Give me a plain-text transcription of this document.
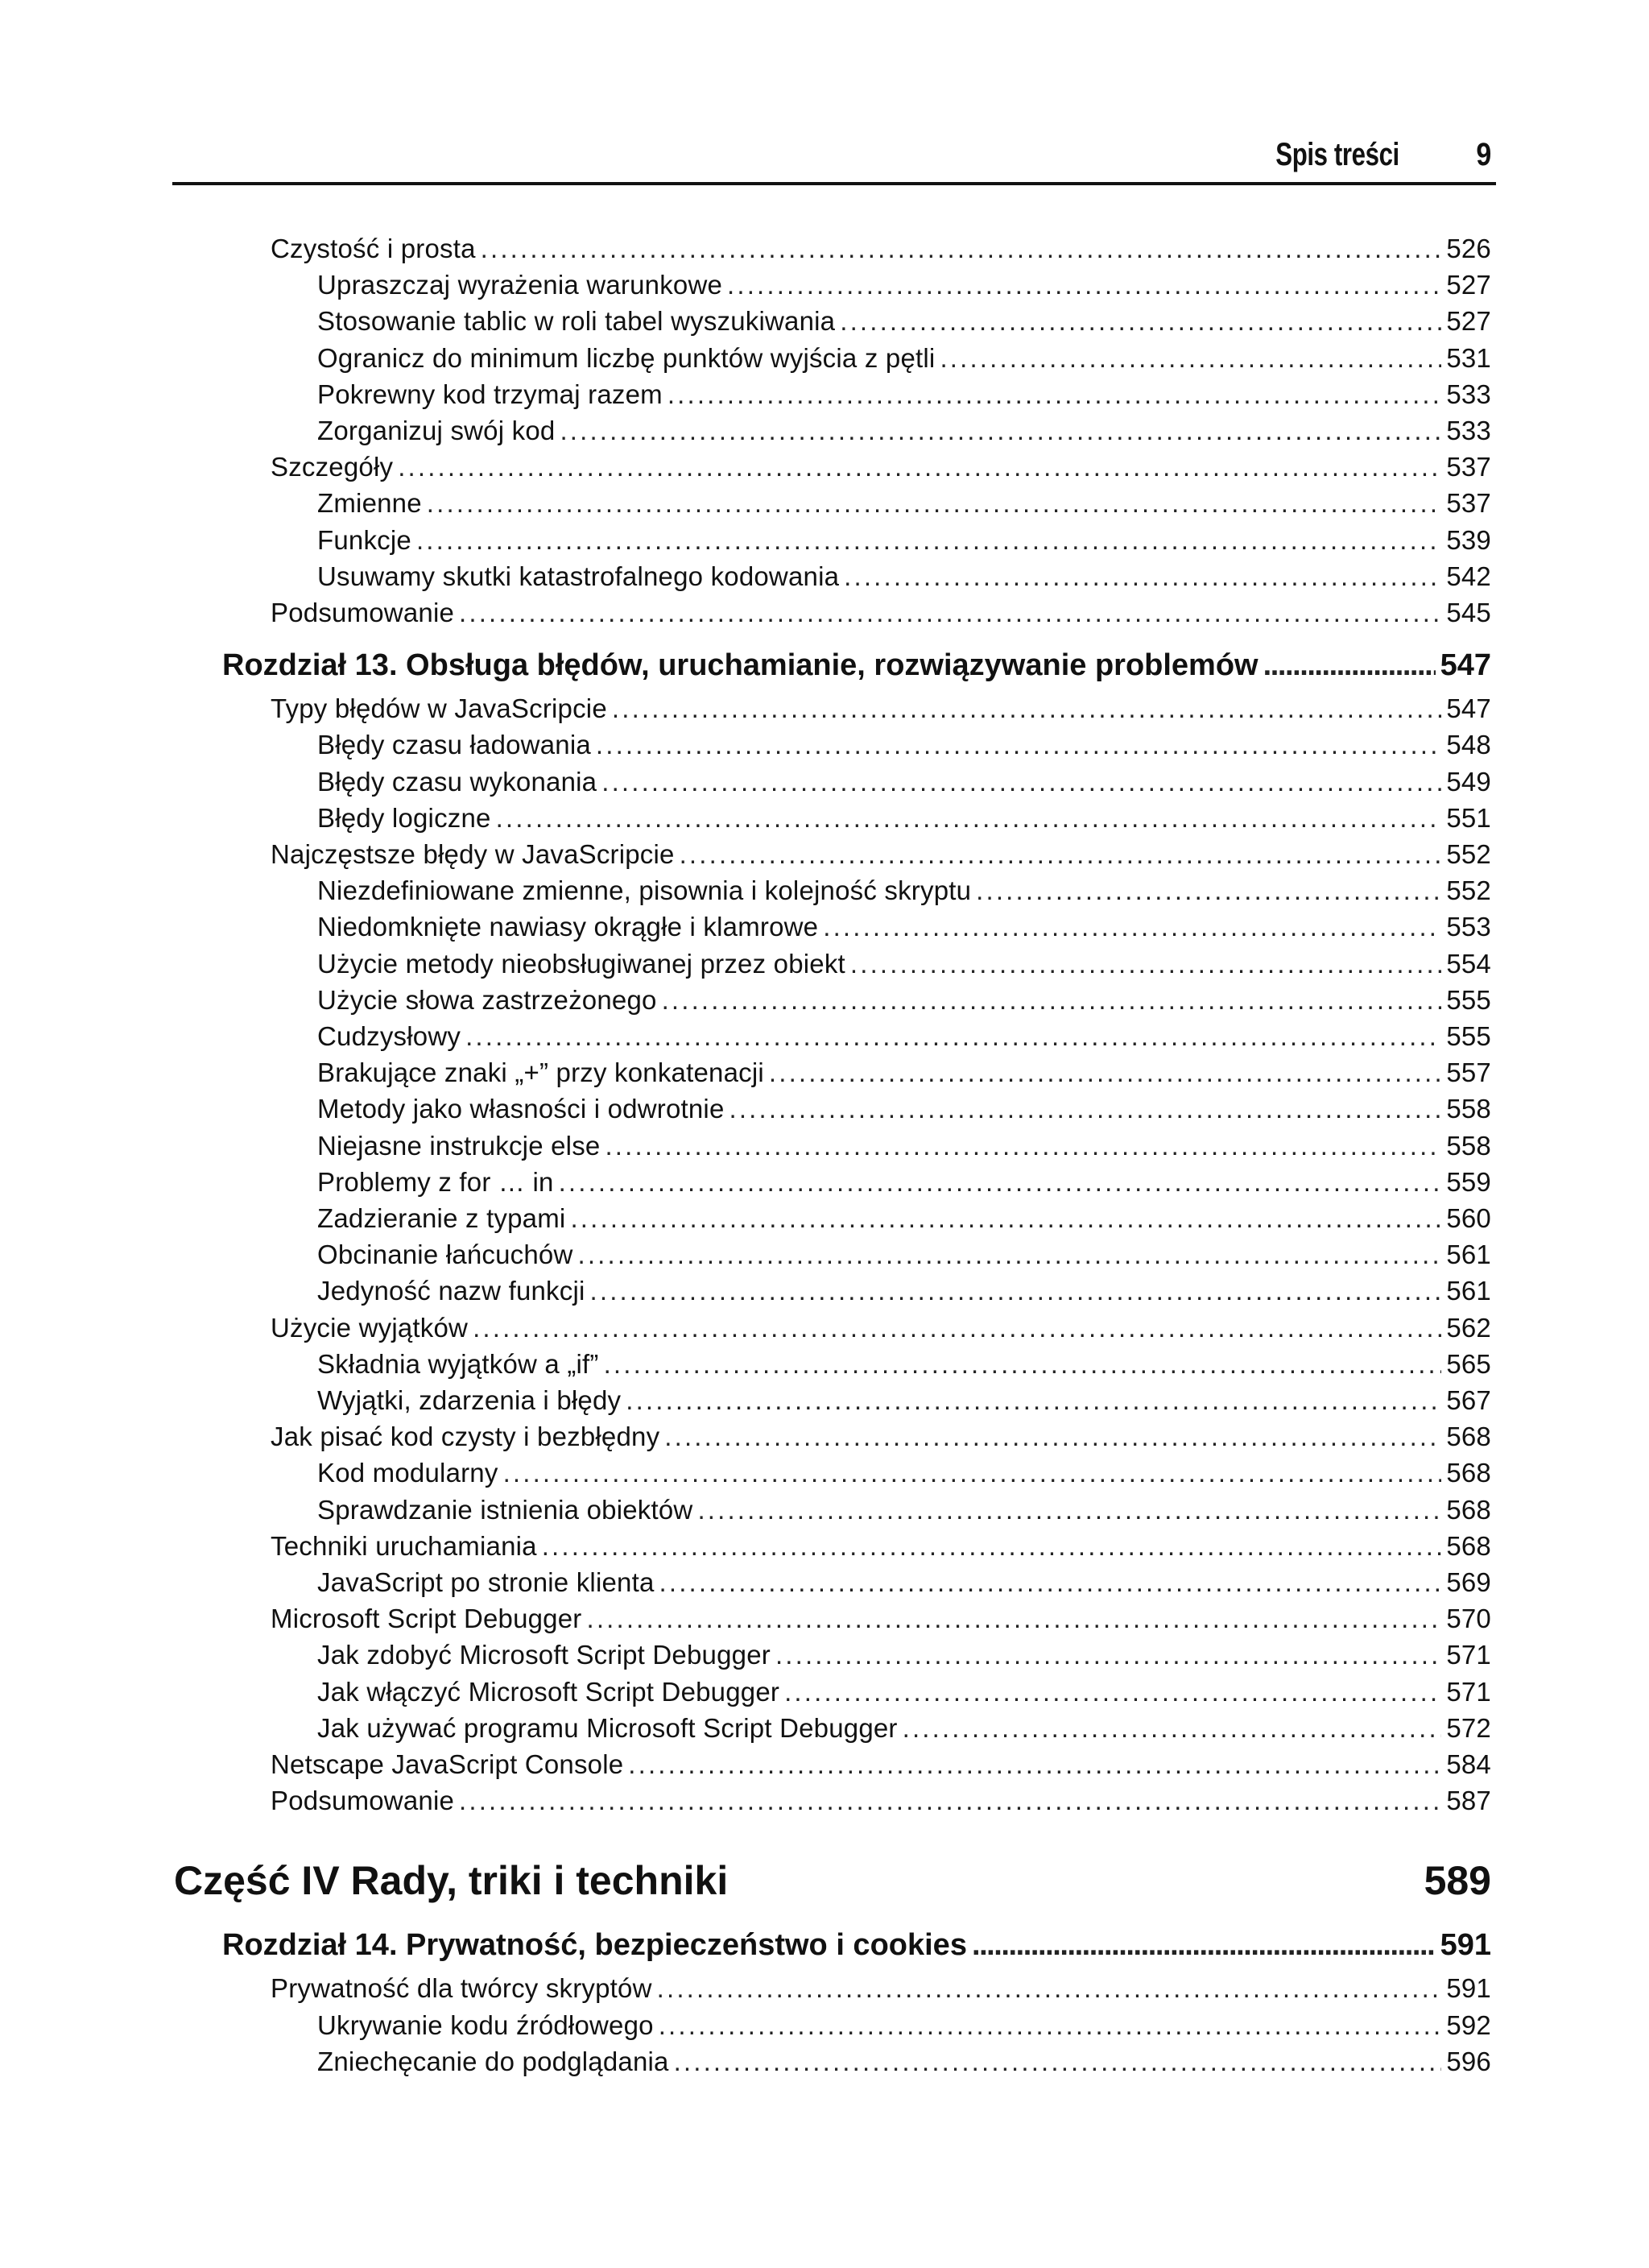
Spis treści 9
Czystość i prosta . . .	526
Upraszczaj wyrażenia warunkowe . . .	527
Stosowanie tablic w roli tabel wyszukiwania . . .	527
Ogranicz do minimum liczbę punktów wyjścia z pętli . . .	531
Pokrewny kod trzymaj razem . . .	533
Zorganizuj swój kod . . .	533
Szczegóły . . .	537
Zmienne . . .	537
Funkcje . . .	539
Usuwamy skutki katastrofalnego kodowania . . .	542
Podsumowanie . . .	545
Rozdział 13. Obsługa błędów, uruchamianie, rozwiązywanie problemów . . .	547
Typy błędów w JavaScripcie . . .	547
Błędy czasu ładowania . . .	548
Błędy czasu wykonania . . .	549
Błędy logiczne . . .	551
Najczęstsze błędy w JavaScripcie . . .	552
Niezdefiniowane zmienne, pisownia i kolejność skryptu . . .	552
Niedomknięte nawiasy okrągłe i klamrowe . . .	553
Użycie metody nieobsługiwanej przez obiekt . . .	554
Użycie słowa zastrzeżonego . . .	555
Cudzysłowy . . .	555
Brakujące znaki „+” przy konkatenacji . . .	557
Metody jako własności i odwrotnie . . .	558
Niejasne instrukcje else . . .	558
Problemy z for … in . . .	559
Zadzieranie z typami . . .	560
Obcinanie łańcuchów . . .	561
Jedyność nazw funkcji . . .	561
Użycie wyjątków . . .	562
Składnia wyjątków a „if” . . .	565
Wyjątki, zdarzenia i błędy . . .	567
Jak pisać kod czysty i bezbłędny . . .	568
Kod modularny . . .	568
Sprawdzanie istnienia obiektów . . .	568
Techniki uruchamiania . . .	568
JavaScript po stronie klienta . . .	569
Microsoft Script Debugger . . .	570
Jak zdobyć Microsoft Script Debugger . . .	571
Jak włączyć Microsoft Script Debugger . . .	571
Jak używać programu Microsoft Script Debugger . . .	572
Netscape JavaScript Console . . .	584
Podsumowanie . . .	587
Część IV Rady, triki i techniki	589
Rozdział 14. Prywatność, bezpieczeństwo i cookies . . .	591
Prywatność dla twórcy skryptów . . .	591
Ukrywanie kodu źródłowego . . .	592
Zniechęcanie do podglądania . . .	596
